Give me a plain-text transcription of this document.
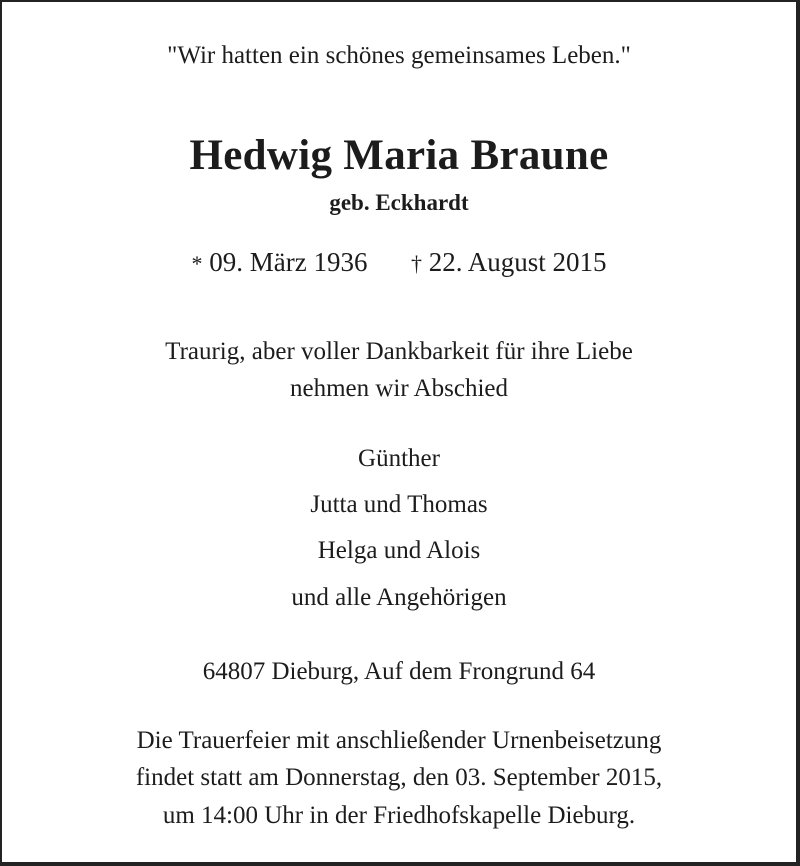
"Wir hatten ein schönes gemeinsames Leben."
Hedwig Maria Braune
geb. Eckhardt
* 09. März 1936 † 22. August 2015
Traurig, aber voller Dankbarkeit für ihre Liebe
nehmen wir Abschied
Günther
Jutta und Thomas
Helga und Alois
und alle Angehörigen
64807 Dieburg, Auf dem Frongrund 64
Die Trauerfeier mit anschließender Urnenbeisetzung
findet statt am Donnerstag, den 03. September 2015,
um 14:00 Uhr in der Friedhofskapelle Dieburg.
